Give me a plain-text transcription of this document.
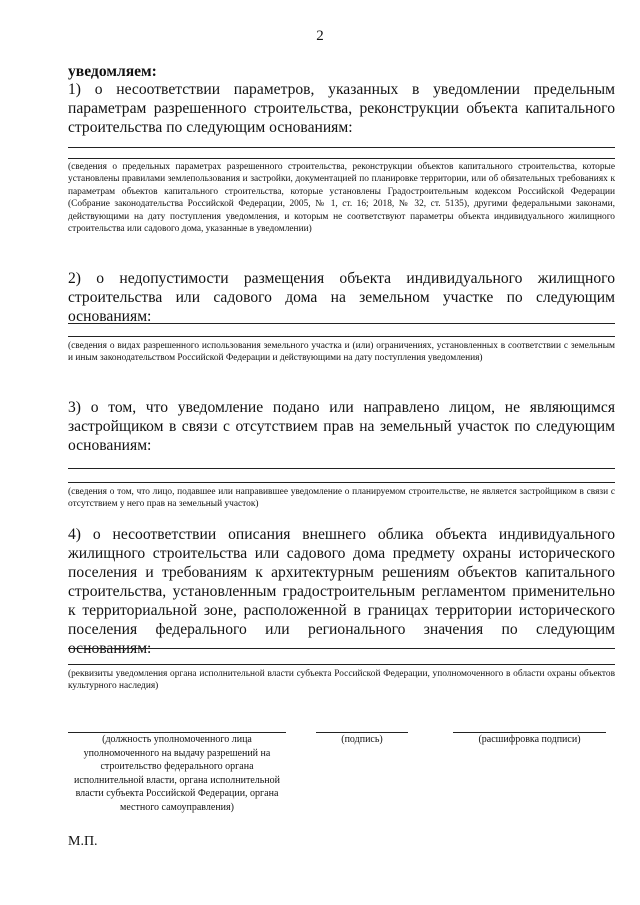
2
уведомляем:
1) о несоответствии параметров, указанных в уведомлении предельным параметрам разрешенного строительства, реконструкции объекта капитального строительства по следующим основаниям:
(сведения о предельных параметрах разрешенного строительства, реконструкции объектов капитального строительства, которые установлены правилами землепользования и застройки, документацией по планировке территории, или об обязательных требованиях к параметрам объектов капитального строительства, которые установлены Градостроительным кодексом Российской Федерации (Собрание законодательства Российской Федерации, 2005, № 1, ст. 16; 2018, № 32, ст. 5135), другими федеральными законами, действующими на дату поступления уведомления, и которым не соответствуют параметры объекта индивидуального жилищного строительства или садового дома, указанные в уведомлении)
2) о недопустимости размещения объекта индивидуального жилищного строительства или садового дома на земельном участке по следующим основаниям:
(сведения о видах разрешенного использования земельного участка и (или) ограничениях, установленных в соответствии с земельным и иным законодательством Российской Федерации и действующими на дату поступления уведомления)
3) о том, что уведомление подано или направлено лицом, не являющимся застройщиком в связи с отсутствием прав на земельный участок по следующим основаниям:
(сведения о том, что лицо, подавшее или направившее уведомление о планируемом строительстве, не является застройщиком в связи с отсутствием у него прав на земельный участок)
4) о несоответствии описания внешнего облика объекта индивидуального жилищного строительства или садового дома предмету охраны исторического поселения и требованиям к архитектурным решениям объектов капитального строительства, установленным градостроительным регламентом применительно к территориальной зоне, расположенной в границах территории исторического поселения федерального или регионального значения по следующим основаниям:
(реквизиты уведомления органа исполнительной власти субъекта Российской Федерации, уполномоченного в области охраны объектов культурного наследия)
(должность уполномоченного лица уполномоченного на выдачу разрешений на строительство федерального органа исполнительной власти, органа исполнительной власти субъекта Российской Федерации, органа местного самоуправления)
(подпись)	(расшифровка подписи)
М.П.
